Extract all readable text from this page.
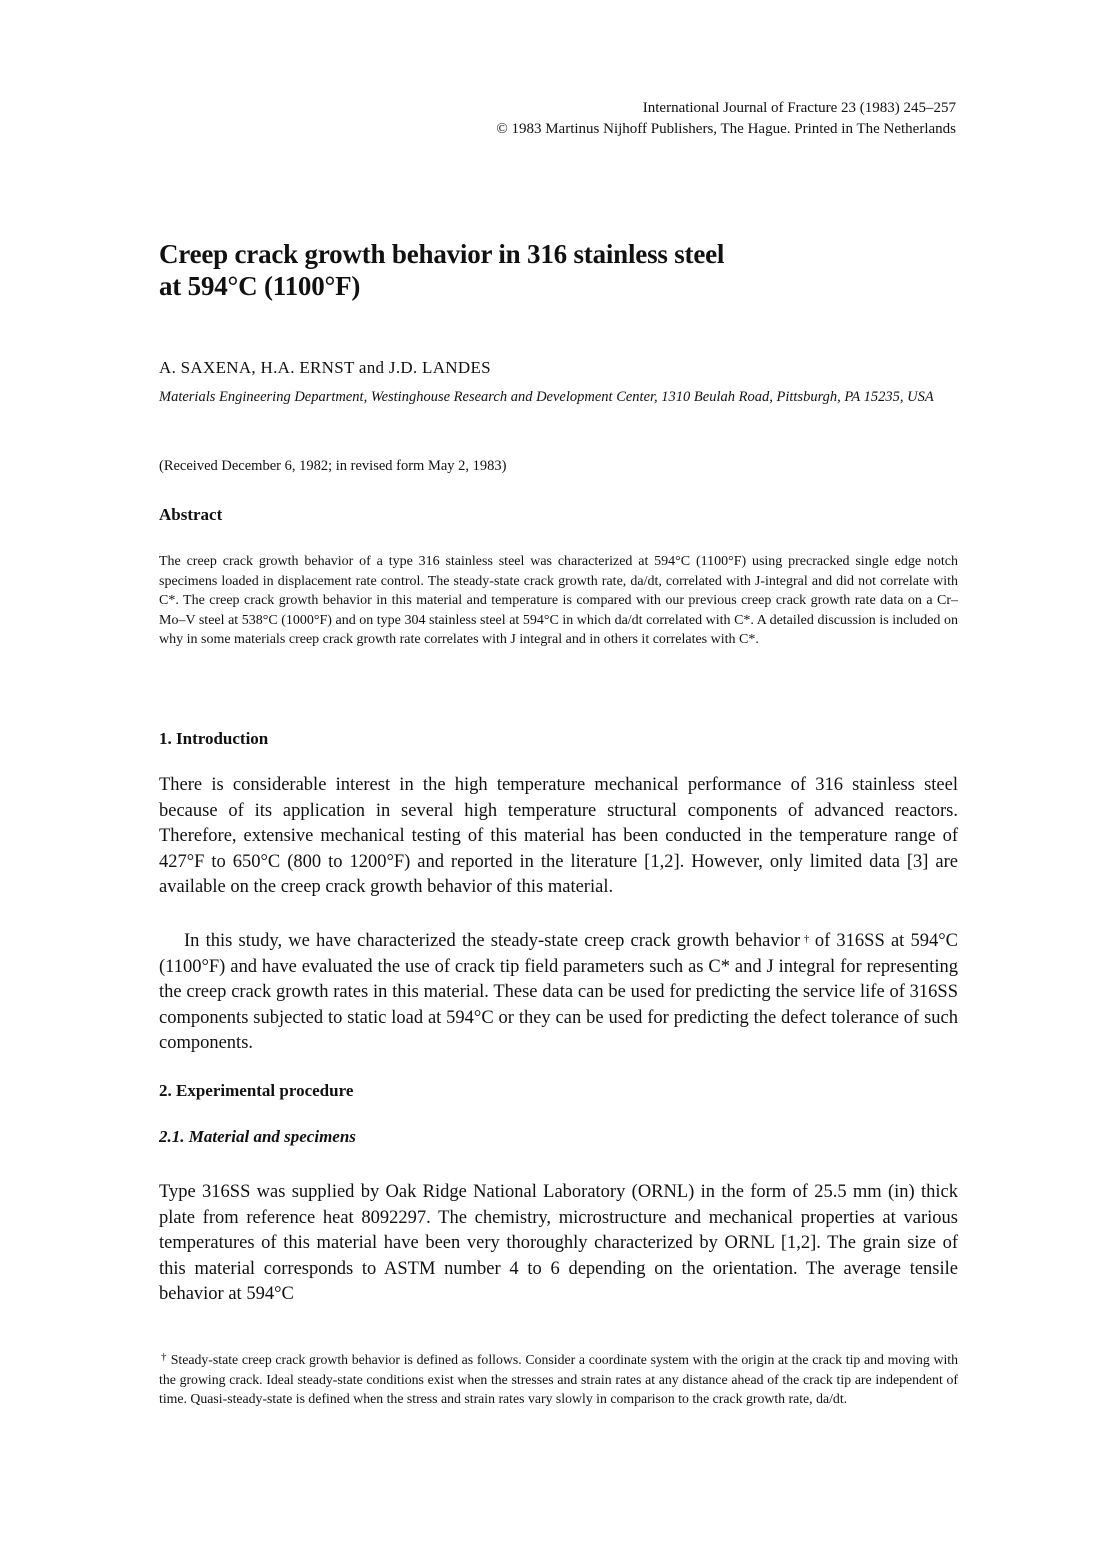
International Journal of Fracture 23 (1983) 245–257
© 1983 Martinus Nijhoff Publishers, The Hague. Printed in The Netherlands
Creep crack growth behavior in 316 stainless steel
at 594°C (1100°F)
A. SAXENA, H.A. ERNST and J.D. LANDES
Materials Engineering Department, Westinghouse Research and Development Center, 1310 Beulah Road, Pittsburgh, PA 15235, USA
(Received December 6, 1982; in revised form May 2, 1983)
Abstract

The creep crack growth behavior of a type 316 stainless steel was characterized at 594°C (1100°F) using precracked single edge notch specimens loaded in displacement rate control. The steady-state crack growth rate, da/dt, correlated with J-integral and did not correlate with C*. The creep crack growth behavior in this material and temperature is compared with our previous creep crack growth rate data on a Cr–Mo–V steel at 538°C (1000°F) and on type 304 stainless steel at 594°C in which da/dt correlated with C*. A detailed discussion is included on why in some materials creep crack growth rate correlates with J integral and in others it correlates with C*.

1. Introduction

There is considerable interest in the high temperature mechanical performance of 316 stainless steel because of its application in several high temperature structural components of advanced reactors. Therefore, extensive mechanical testing of this material has been conducted in the temperature range of 427°F to 650°C (800 to 1200°F) and reported in the literature [1,2]. However, only limited data [3] are available on the creep crack growth behavior of this material.

In this study, we have characterized the steady-state creep crack growth behavior † of 316SS at 594°C (1100°F) and have evaluated the use of crack tip field parameters such as C* and J integral for representing the creep crack growth rates in this material. These data can be used for predicting the service life of 316SS components subjected to static load at 594°C or they can be used for predicting the defect tolerance of such components.

2. Experimental procedure
2.1. Material and specimens

Type 316SS was supplied by Oak Ridge National Laboratory (ORNL) in the form of 25.5 mm (in) thick plate from reference heat 8092297. The chemistry, microstructure and mechanical properties at various temperatures of this material have been very thoroughly characterized by ORNL [1,2]. The grain size of this material corresponds to ASTM number 4 to 6 depending on the orientation. The average tensile behavior at 594°C

† Steady-state creep crack growth behavior is defined as follows. Consider a coordinate system with the origin at the crack tip and moving with the growing crack. Ideal steady-state conditions exist when the stresses and strain rates at any distance ahead of the crack tip are independent of time. Quasi-steady-state is defined when the stress and strain rates vary slowly in comparison to the crack growth rate, da/dt.
